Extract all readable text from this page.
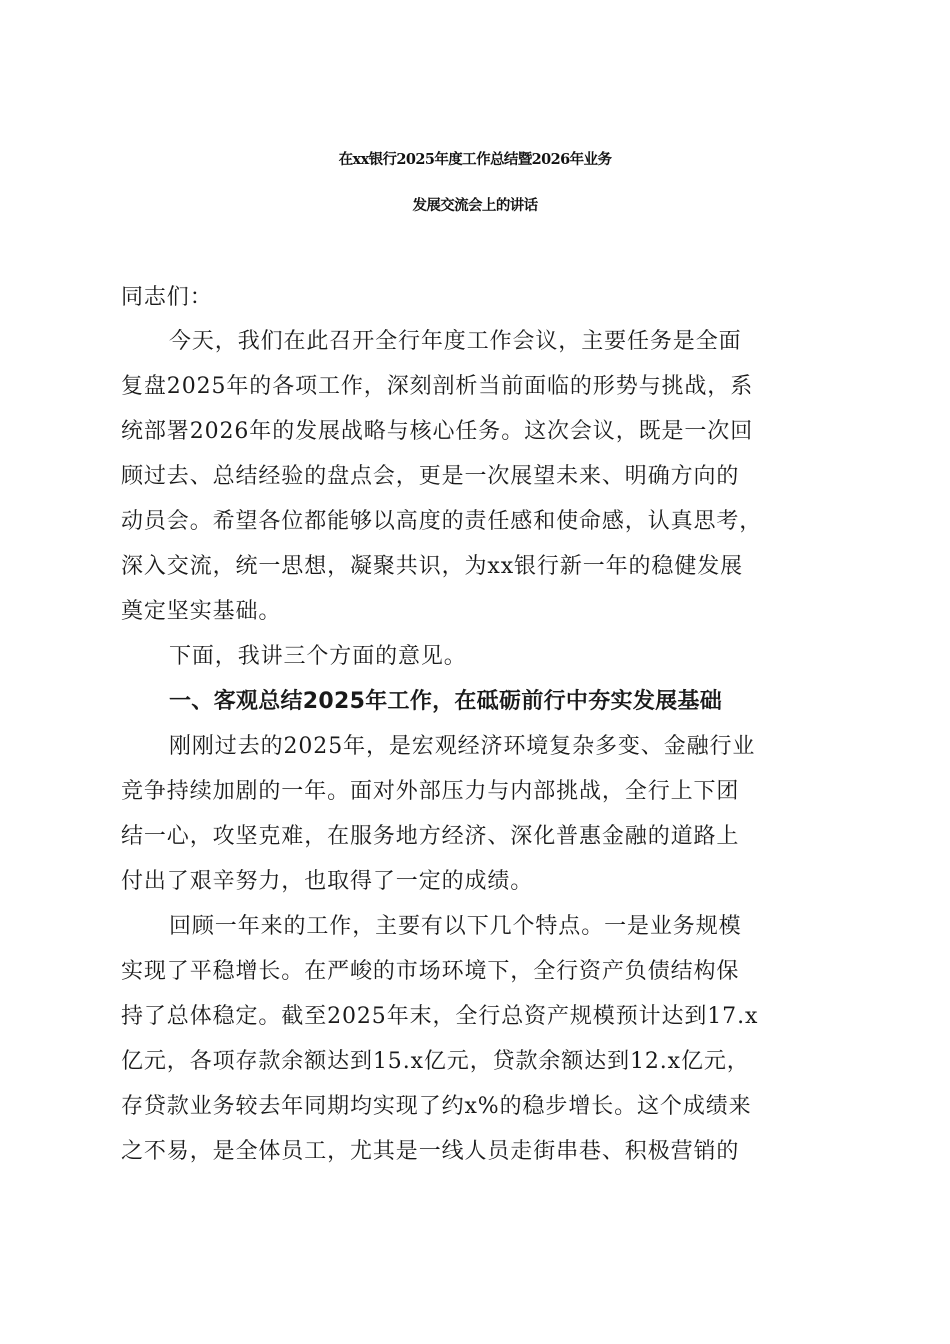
在xx银行2025年度工作总结暨2026年业务
发展交流会上的讲话
同志们：
今天，我们在此召开全行年度工作会议，主要任务是全面
复盘2025年的各项工作，深刻剖析当前面临的形势与挑战，系
统部署2026年的发展战略与核心任务。这次会议，既是一次回
顾过去、总结经验的盘点会，更是一次展望未来、明确方向的
动员会。希望各位都能够以高度的责任感和使命感，认真思考，
深入交流，统一思想，凝聚共识，为xx银行新一年的稳健发展
奠定坚实基础。
下面，我讲三个方面的意见。
一、客观总结2025年工作，在砥砺前行中夯实发展基础
刚刚过去的2025年，是宏观经济环境复杂多变、金融行业
竞争持续加剧的一年。面对外部压力与内部挑战，全行上下团
结一心，攻坚克难，在服务地方经济、深化普惠金融的道路上
付出了艰辛努力，也取得了一定的成绩。
回顾一年来的工作，主要有以下几个特点。一是业务规模
实现了平稳增长。在严峻的市场环境下，全行资产负债结构保
持了总体稳定。截至2025年末，全行总资产规模预计达到17.x
亿元，各项存款余额达到15.x亿元，贷款余额达到12.x亿元，
存贷款业务较去年同期均实现了约x%的稳步增长。这个成绩来
之不易，是全体员工，尤其是一线人员走街串巷、积极营销的
